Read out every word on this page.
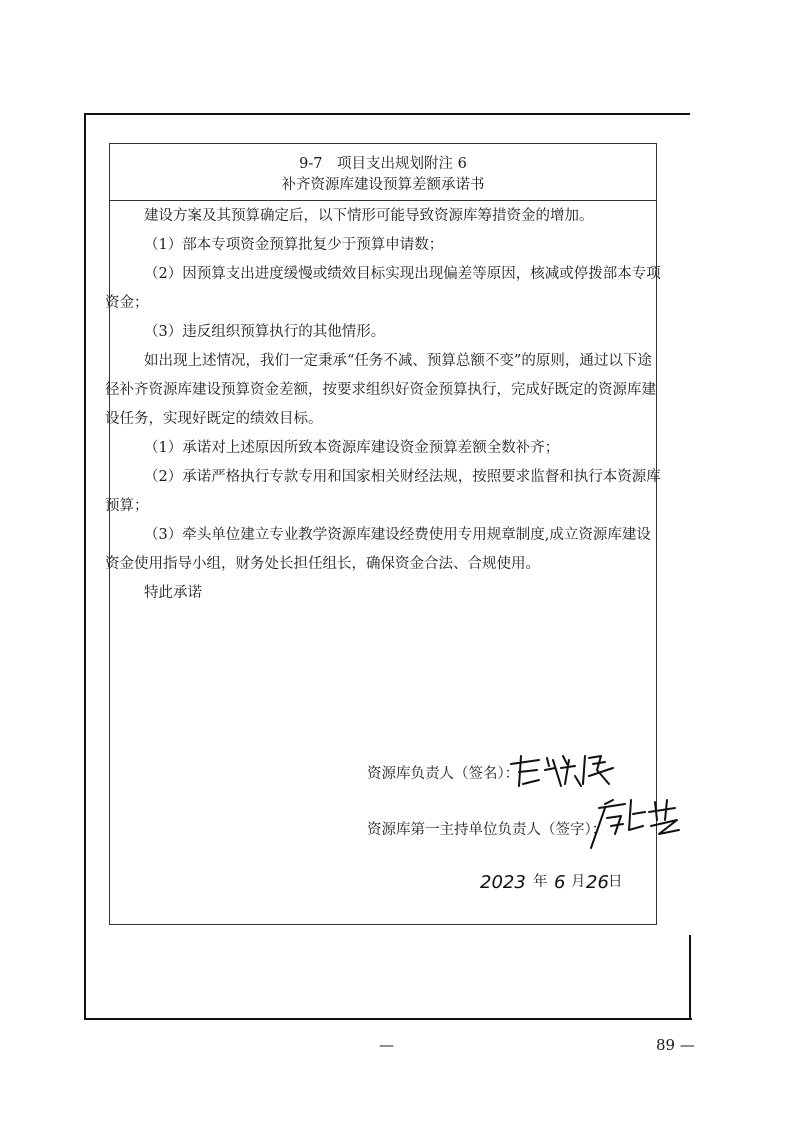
9-7　项目支出规划附注 6
补齐资源库建设预算差额承诺书

建设方案及其预算确定后，以下情形可能导致资源库筹措资金的增加。

（1）部本专项资金预算批复少于预算申请数；

（2）因预算支出进度缓慢或绩效目标实现出现偏差等原因，核减或停拨部本专项资金；

（3）违反组织预算执行的其他情形。

如出现上述情况，我们一定秉承“任务不减、预算总额不变”的原则，通过以下途径补齐资源库建设预算资金差额，按要求组织好资金预算执行，完成好既定的资源库建设任务，实现好既定的绩效目标。

（1）承诺对上述原因所致本资源库建设资金预算差额全数补齐；

（2）承诺严格执行专款专用和国家相关财经法规，按照要求监督和执行本资源库预算；

（3）牵头单位建立专业教学资源库建设经费使用专用规章制度,成立资源库建设资金使用指导小组，财务处长担任组长，确保资金合法、合规使用。

特此承诺

资源库负责人（签名）：
资源库第一主持单位负责人（签字）：
2023 年 6 月 26 日
—	89 —
